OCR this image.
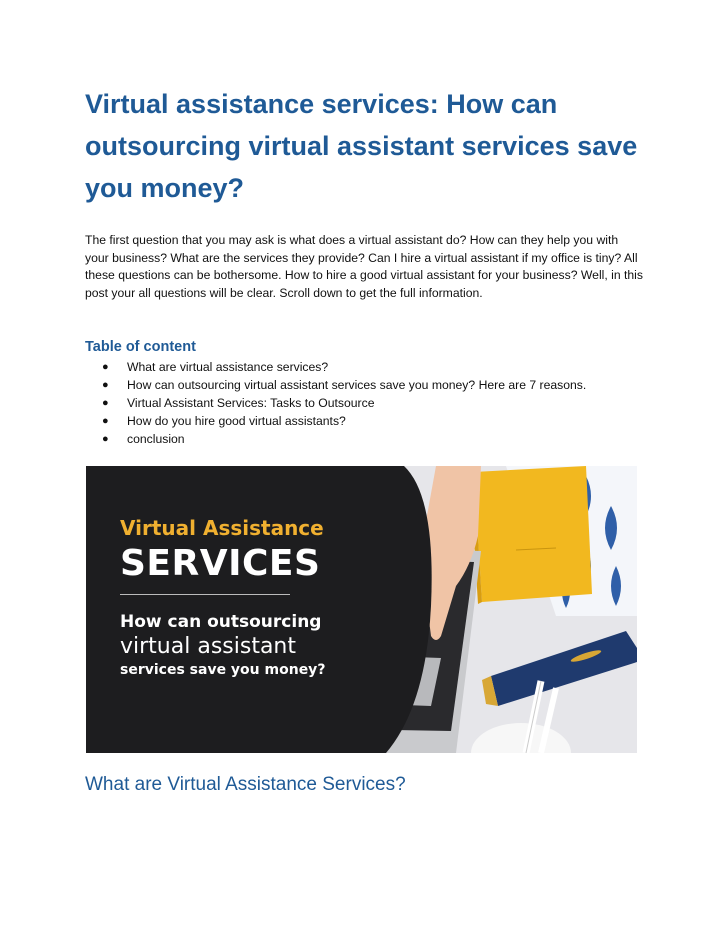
Virtual assistance services: How can outsourcing virtual assistant services save you money?

The first question that you may ask is what does a virtual assistant do? How can they help you with your business? What are the services they provide? Can I hire a virtual assistant if my office is tiny? All these questions can be bothersome. How to hire a good virtual assistant for your business? Well, in this post your all questions will be clear. Scroll down to get the full information.

Table of content
● What are virtual assistance services?
● How can outsourcing virtual assistant services save you money? Here are 7 reasons.
● Virtual Assistant Services: Tasks to Outsource
● How do you hire good virtual assistants?
● conclusion
Virtual Assistance
SERVICES
How can outsourcing
virtual assistant
services save you money?
What are Virtual Assistance Services?
